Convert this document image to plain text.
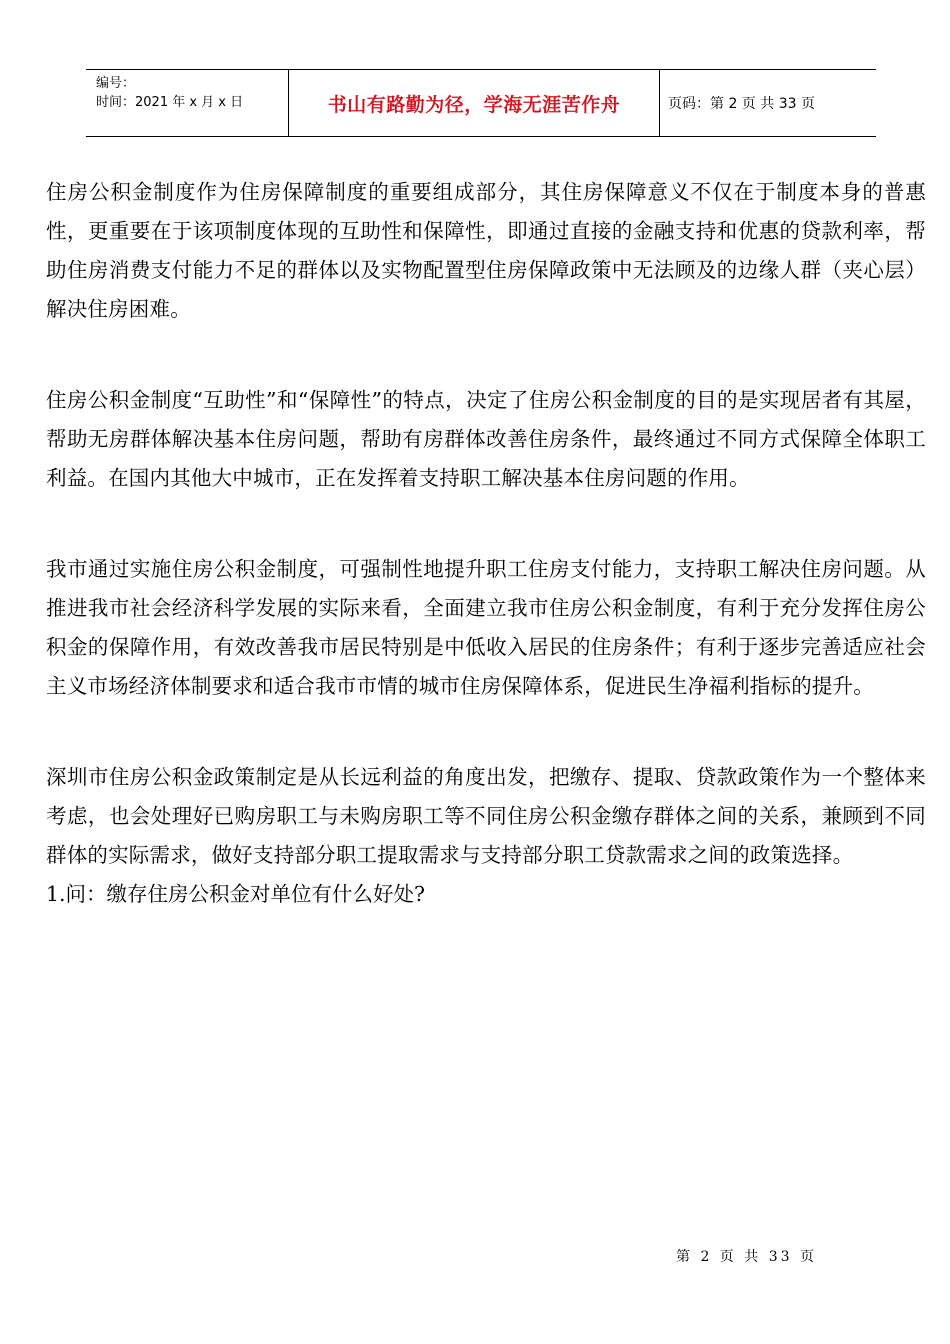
编号：
时间：2021 年 x 月 x 日	书山有路勤为径，学海无涯苦作舟	页码：第 2 页 共 33 页

住房公积金制度作为住房保障制度的重要组成部分，其住房保障意义不仅在于制度本身的普惠性，更重要在于该项制度体现的互助性和保障性，即通过直接的金融支持和优惠的贷款利率，帮助住房消费支付能力不足的群体以及实物配置型住房保障政策中无法顾及的边缘人群（夹心层）解决住房困难。

住房公积金制度“互助性”和“保障性”的特点，决定了住房公积金制度的目的是实现居者有其屋，帮助无房群体解决基本住房问题，帮助有房群体改善住房条件，最终通过不同方式保障全体职工利益。在国内其他大中城市，正在发挥着支持职工解决基本住房问题的作用。

我市通过实施住房公积金制度，可强制性地提升职工住房支付能力，支持职工解决住房问题。从推进我市社会经济科学发展的实际来看，全面建立我市住房公积金制度，有利于充分发挥住房公积金的保障作用，有效改善我市居民特别是中低收入居民的住房条件；有利于逐步完善适应社会主义市场经济体制要求和适合我市市情的城市住房保障体系，促进民生净福利指标的提升。

深圳市住房公积金政策制定是从长远利益的角度出发，把缴存、提取、贷款政策作为一个整体来考虑，也会处理好已购房职工与未购房职工等不同住房公积金缴存群体之间的关系，兼顾到不同群体的实际需求，做好支持部分职工提取需求与支持部分职工贷款需求之间的政策选择。

1.问：缴存住房公积金对单位有什么好处?

第 2 页 共 33 页
